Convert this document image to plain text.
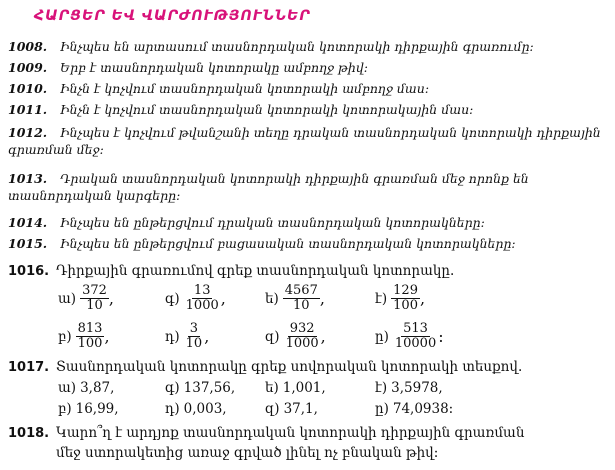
ՀԱՐՑԵՐ ԵՎ ՎԱՐԺՈՒԹՅՈՒՆՆԵՐ
1008. Ինչպես են արտասում տասնորդական կոտորակի դիրքային գրառումը:
1009. Երբ է տասնորդական կոտորակը ամբողջ թիվ:
1010. Ինչն է կոչվում տասնորդական կոտորակի ամբողջ մաս:
1011. Ինչն է կոչվում տասնորդական կոտորակի կոտորակային մաս:
1012. Ինչպես է կոչվում թվանշանի տեղը դրական տասնորդական կոտորակի դիրքային գրառման մեջ:
1013. Դրական տասնորդական կոտորակի դիրքային գրառման մեջ որոնք են տասնորդական կարգերը:
1014. Ինչպես են ընթերցվում դրական տասնորդական կոտորակները:
1015. Ինչպես են ընթերցվում բացասական տասնորդական կոտորակները:
1016. Դիրքային գրառումով գրեք տասնորդական կոտորակը.
ա) $\frac{372}{10}$ ,	գ) $\frac{13}{1000}$ ,	ե) $\frac{4567}{10}$ ,	է) $\frac{129}{100}$ ,
բ) $\frac{813}{100}$ ,	դ) $\frac{3}{10}$ ,	զ) $\frac{932}{1000}$ ,	ը) $\frac{513}{10000}$ :
1017. Տասնորդական կոտորակը գրեք սովորական կոտորակի տեսքով.
ա) 3,87,	գ) 137,56, ե) 1,001,	է) 3,5978,
բ) 16,99,	դ) 0,003,	զ) 37,1,	ը) 74,0938:
1018. Կարո՞ղ է արդյոք տասնորդական կոտորակի դիրքային գրառման
մեջ ստորակետից առաջ գրված լինել ոչ բնական թիվ:
